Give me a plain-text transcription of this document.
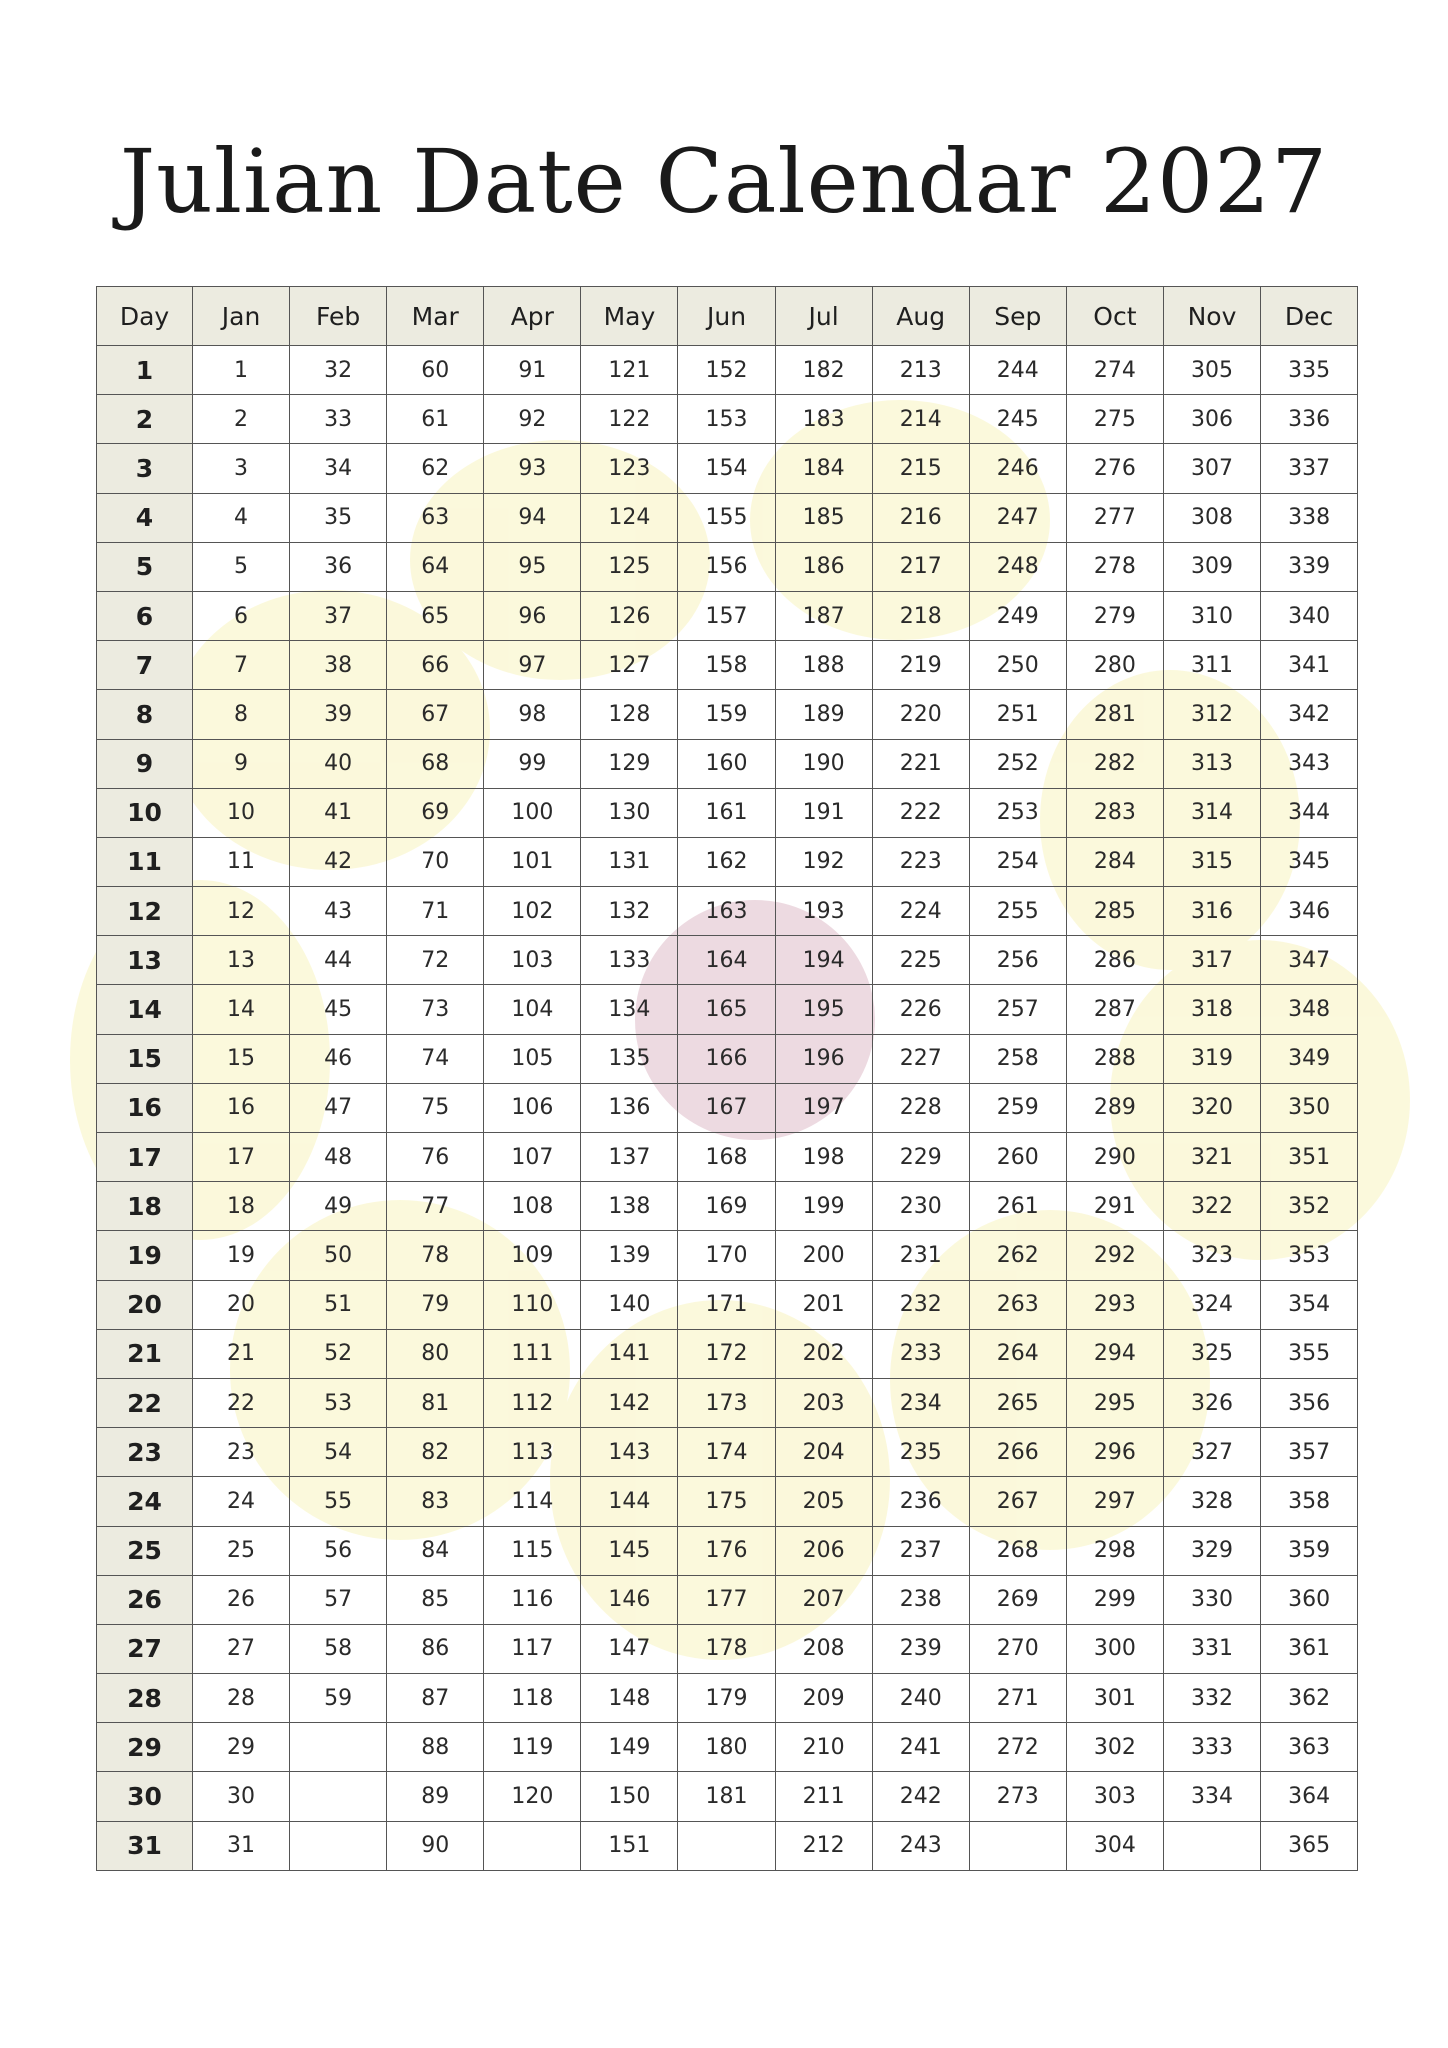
Julian Date Calendar 2027
Day	Jan	Feb	Mar	Apr	May	Jun	Jul	Aug	Sep	Oct	Nov	Dec
1	1	32	60	91	121	152	182	213	244	274	305	335
2	2	33	61	92	122	153	183	214	245	275	306	336
3	3	34	62	93	123	154	184	215	246	276	307	337
4	4	35	63	94	124	155	185	216	247	277	308	338
5	5	36	64	95	125	156	186	217	248	278	309	339
6	6	37	65	96	126	157	187	218	249	279	310	340
7	7	38	66	97	127	158	188	219	250	280	311	341
8	8	39	67	98	128	159	189	220	251	281	312	342
9	9	40	68	99	129	160	190	221	252	282	313	343
10	10	41	69	100	130	161	191	222	253	283	314	344
11	11	42	70	101	131	162	192	223	254	284	315	345
12	12	43	71	102	132	163	193	224	255	285	316	346
13	13	44	72	103	133	164	194	225	256	286	317	347
14	14	45	73	104	134	165	195	226	257	287	318	348
15	15	46	74	105	135	166	196	227	258	288	319	349
16	16	47	75	106	136	167	197	228	259	289	320	350
17	17	48	76	107	137	168	198	229	260	290	321	351
18	18	49	77	108	138	169	199	230	261	291	322	352
19	19	50	78	109	139	170	200	231	262	292	323	353
20	20	51	79	110	140	171	201	232	263	293	324	354
21	21	52	80	111	141	172	202	233	264	294	325	355
22	22	53	81	112	142	173	203	234	265	295	326	356
23	23	54	82	113	143	174	204	235	266	296	327	357
24	24	55	83	114	144	175	205	236	267	297	328	358
25	25	56	84	115	145	176	206	237	268	298	329	359
26	26	57	85	116	146	177	207	238	269	299	330	360
27	27	58	86	117	147	178	208	239	270	300	331	361
28	28	59	87	118	148	179	209	240	271	301	332	362
29	29		88	119	149	180	210	241	272	302	333	363
30	30		89	120	150	181	211	242	273	303	334	364
31	31		90		151		212	243		304		365
